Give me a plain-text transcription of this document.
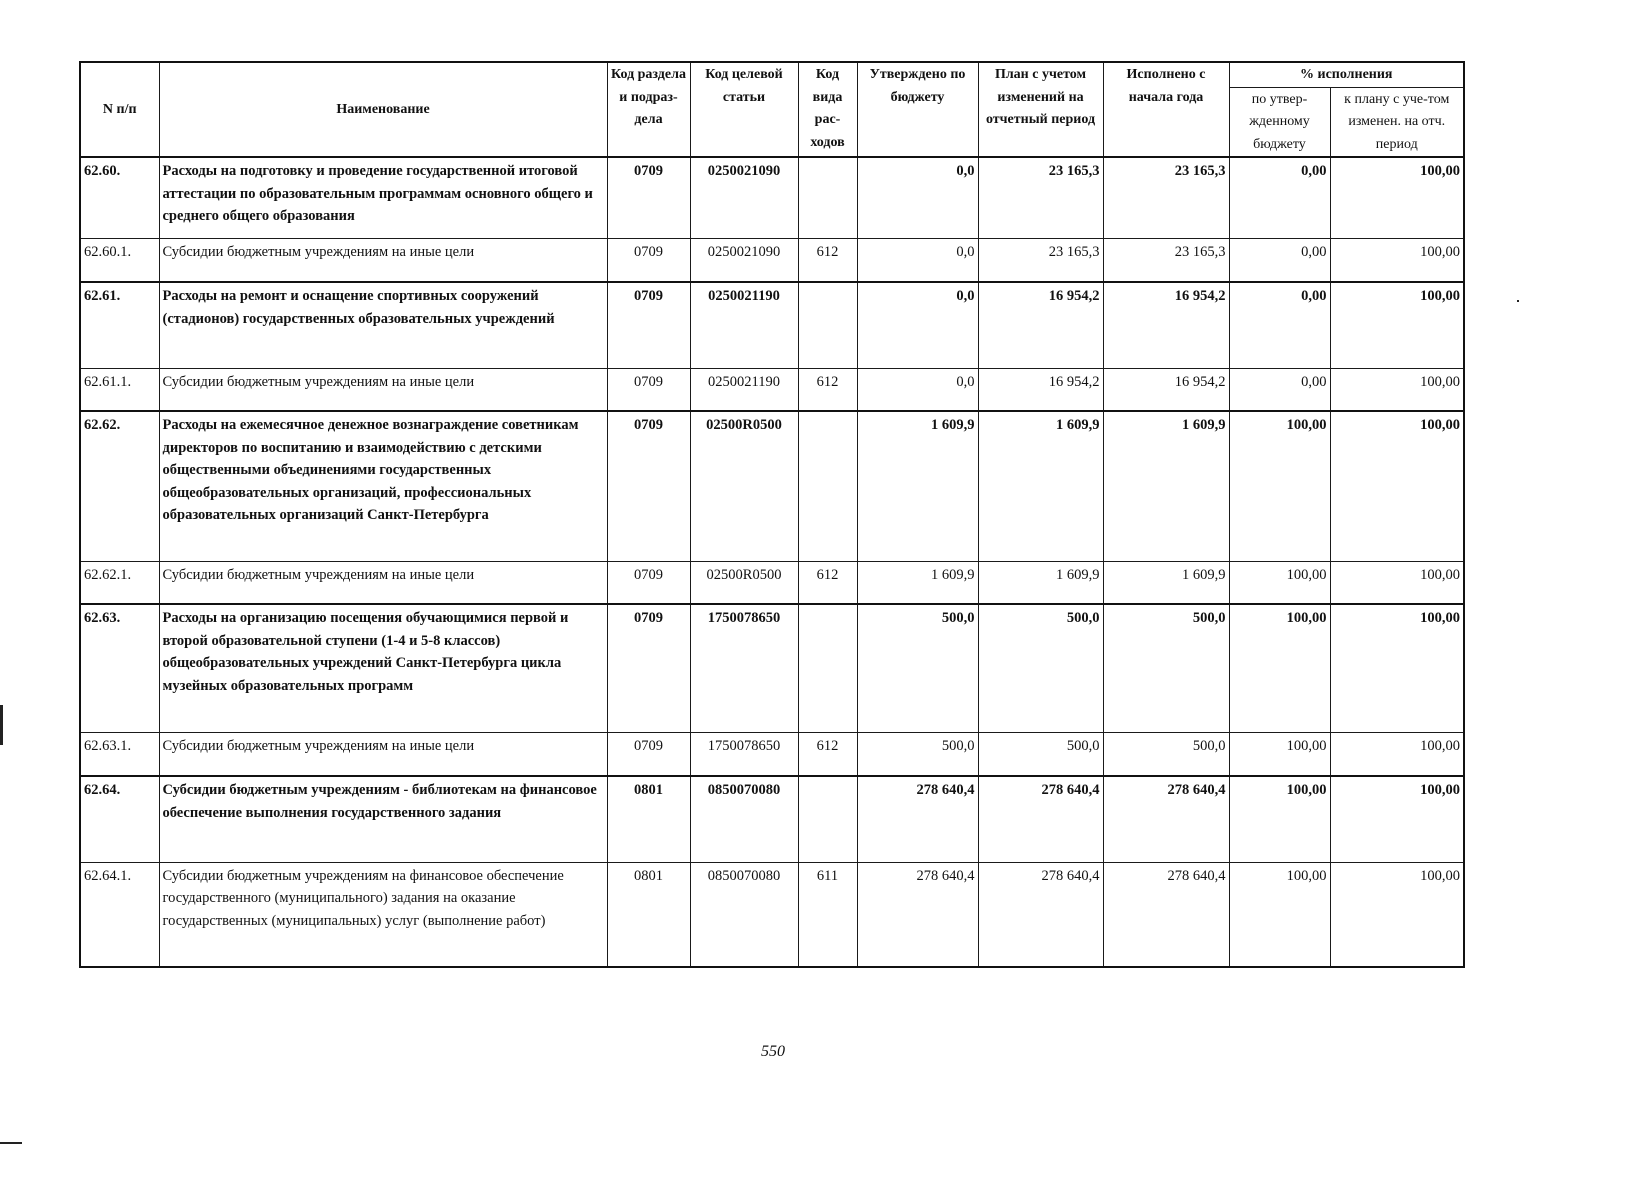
N п/п	Наименование	Код раздела и подраз-дела	Код целевой статьи	Код вида рас-ходов	Утверждено по бюджету	План с учетом изменений на отчетный период	Исполнено с начала года	% исполнения	
								по утвер-жденному бюджету	к плану с уче-том изменен. на отч. период
62.60.	Расходы на подготовку и проведение государственной итоговой аттестации по образовательным программам основного общего и среднего общего образования	0709	0250021090		0,0	23 165,3	23 165,3	0,00	100,00
62.60.1.	Субсидии бюджетным учреждениям на иные цели	0709	0250021090	612	0,0	23 165,3	23 165,3	0,00	100,00
62.61.	Расходы на ремонт и оснащение спортивных сооружений (стадионов) государственных образовательных учреждений	0709	0250021190		0,0	16 954,2	16 954,2	0,00	100,00
62.61.1.	Субсидии бюджетным учреждениям на иные цели	0709	0250021190	612	0,0	16 954,2	16 954,2	0,00	100,00
62.62.	Расходы на ежемесячное денежное вознаграждение советникам директоров по воспитанию и взаимодействию с детскими общественными объединениями государственных общеобразовательных организаций, профессиональных образовательных организаций Санкт-Петербурга	0709	02500R0500		1 609,9	1 609,9	1 609,9	100,00	100,00
62.62.1.	Субсидии бюджетным учреждениям на иные цели	0709	02500R0500	612	1 609,9	1 609,9	1 609,9	100,00	100,00
62.63.	Расходы на организацию посещения обучающимися первой и второй образовательной ступени (1-4 и 5-8 классов) общеобразовательных учреждений Санкт-Петербурга цикла музейных образовательных программ	0709	1750078650		500,0	500,0	500,0	100,00	100,00
62.63.1.	Субсидии бюджетным учреждениям на иные цели	0709	1750078650	612	500,0	500,0	500,0	100,00	100,00
62.64.	Субсидии бюджетным учреждениям - библиотекам на финансовое обеспечение выполнения государственного задания	0801	0850070080		278 640,4	278 640,4	278 640,4	100,00	100,00
62.64.1.	Субсидии бюджетным учреждениям на финансовое обеспечение государственного (муниципального) задания на оказание государственных (муниципальных) услуг (выполнение работ)	0801	0850070080	611	278 640,4	278 640,4	278 640,4	100,00	100,00
550
